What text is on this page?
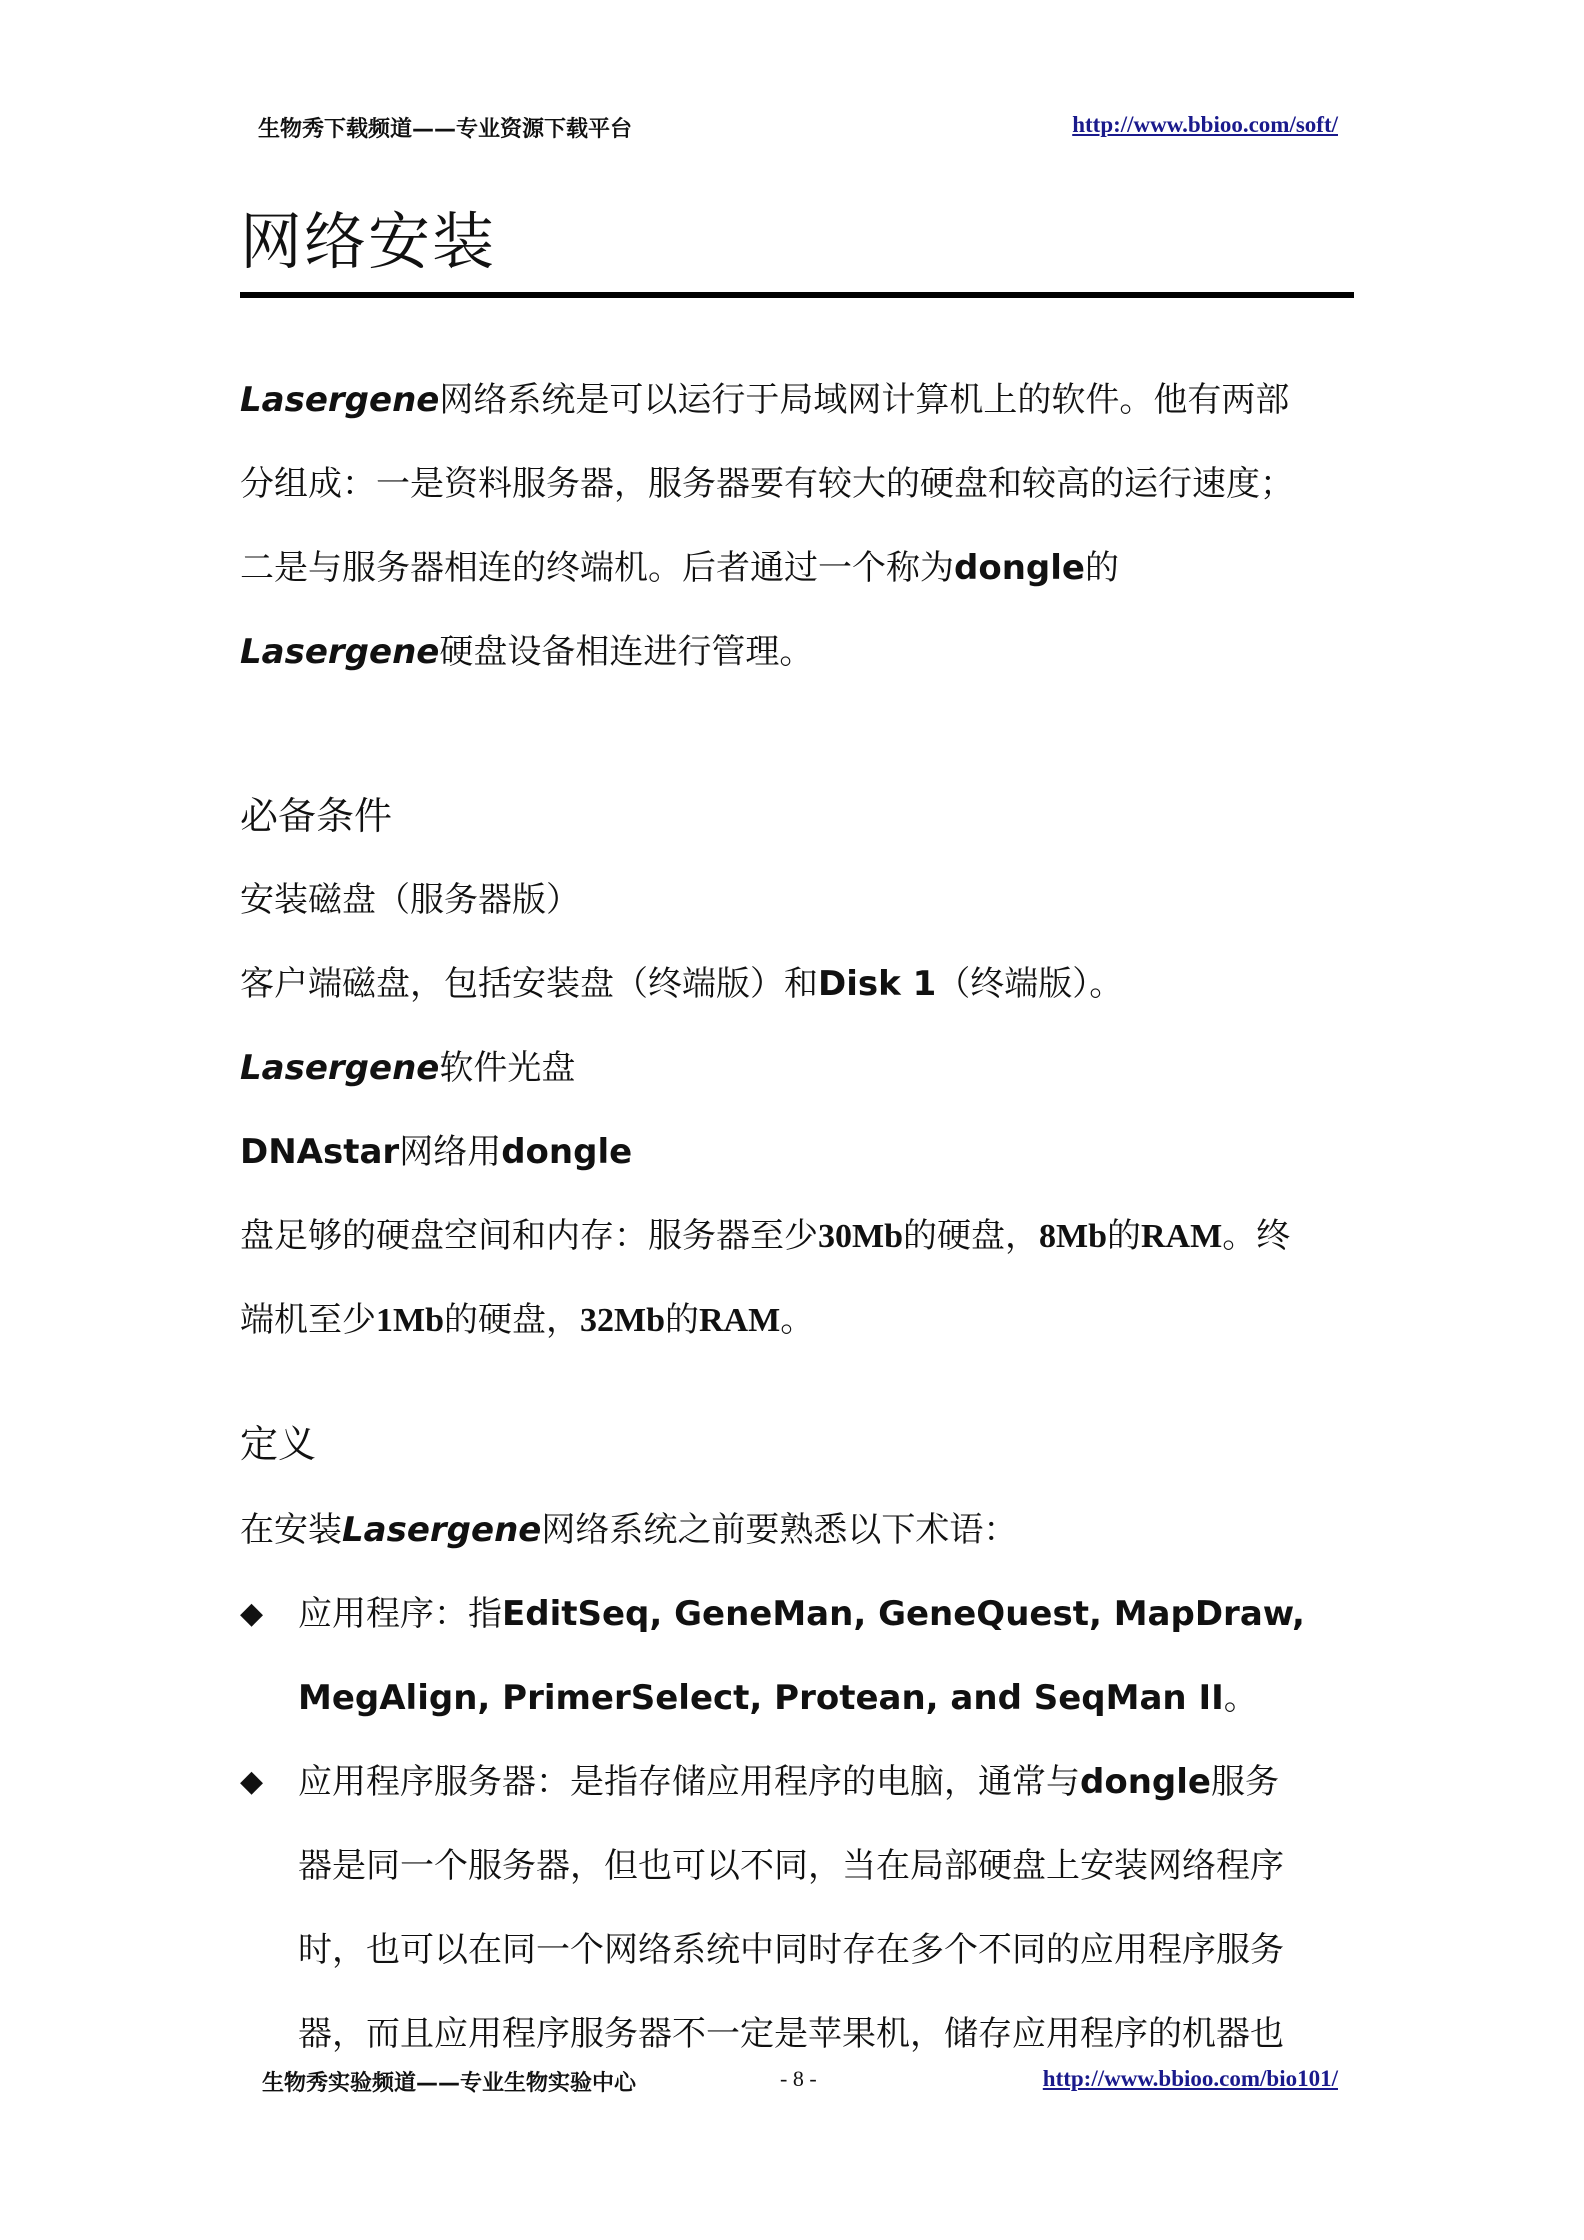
生物秀下载频道——专业资源下载平台	http://www.bbioo.com/soft/
网络安装
Lasergene网络系统是可以运行于局域网计算机上的软件。他有两部
分组成：一是资料服务器，服务器要有较大的硬盘和较高的运行速度；
二是与服务器相连的终端机。后者通过一个称为dongle的
Lasergene硬盘设备相连进行管理。
必备条件
安装磁盘（服务器版）
客户端磁盘，包括安装盘（终端版）和Disk 1（终端版）。
Lasergene软件光盘
DNAstar网络用dongle
盘足够的硬盘空间和内存：服务器至少30Mb的硬盘，8Mb的RAM。终
端机至少1Mb的硬盘，32Mb的RAM。
定义
在安装Lasergene网络系统之前要熟悉以下术语：
◆ 应用程序：指EditSeq, GeneMan, GeneQuest, MapDraw,
MegAlign, PrimerSelect, Protean, and SeqMan II。
◆ 应用程序服务器：是指存储应用程序的电脑，通常与dongle服务
器是同一个服务器，但也可以不同，当在局部硬盘上安装网络程序
时，也可以在同一个网络系统中同时存在多个不同的应用程序服务
器，而且应用程序服务器不一定是苹果机，储存应用程序的机器也
生物秀实验频道——专业生物实验中心	- 8 -	http://www.bbioo.com/bio101/
